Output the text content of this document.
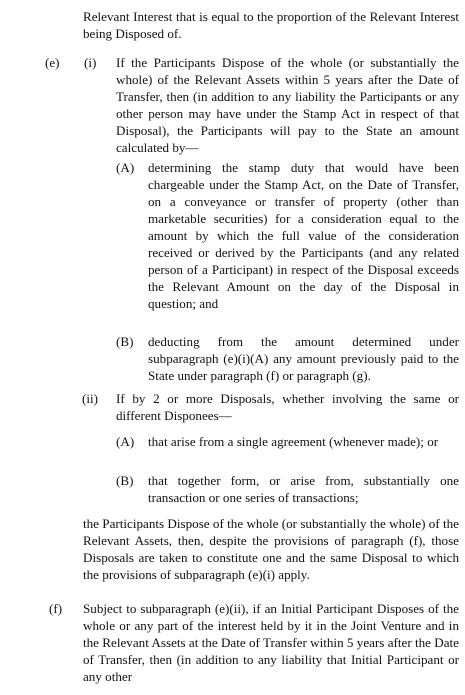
Relevant Interest that is equal to the proportion of the Relevant Interest being Disposed of.

(e) (i) If the Participants Dispose of the whole (or substantially the whole) of the Relevant Assets within 5 years after the Date of Transfer, then (in addition to any liability the Participants or any other person may have under the Stamp Act in respect of that Disposal), the Participants will pay to the State an amount calculated by—

(A) determining the stamp duty that would have been chargeable under the Stamp Act, on the Date of Transfer, on a conveyance or transfer of property (other than marketable securities) for a consideration equal to the amount by which the full value of the consideration received or derived by the Participants (and any related person of a Participant) in respect of the Disposal exceeds the Relevant Amount on the day of the Disposal in question; and

(B) deducting from the amount determined under subparagraph (e)(i)(A) any amount previously paid to the State under paragraph (f) or paragraph (g).

(ii) If by 2 or more Disposals, whether involving the same or different Disponees—

(A) that arise from a single agreement (whenever made); or

(B) that together form, or arise from, substantially one transaction or one series of transactions;

the Participants Dispose of the whole (or substantially the whole) of the Relevant Assets, then, despite the provisions of paragraph (f), those Disposals are taken to constitute one and the same Disposal to which the provisions of subparagraph (e)(i) apply.

(f) Subject to subparagraph (e)(ii), if an Initial Participant Disposes of the whole or any part of the interest held by it in the Joint Venture and in the Relevant Assets at the Date of Transfer within 5 years after the Date of Transfer, then (in addition to any liability that Initial Participant or any other
